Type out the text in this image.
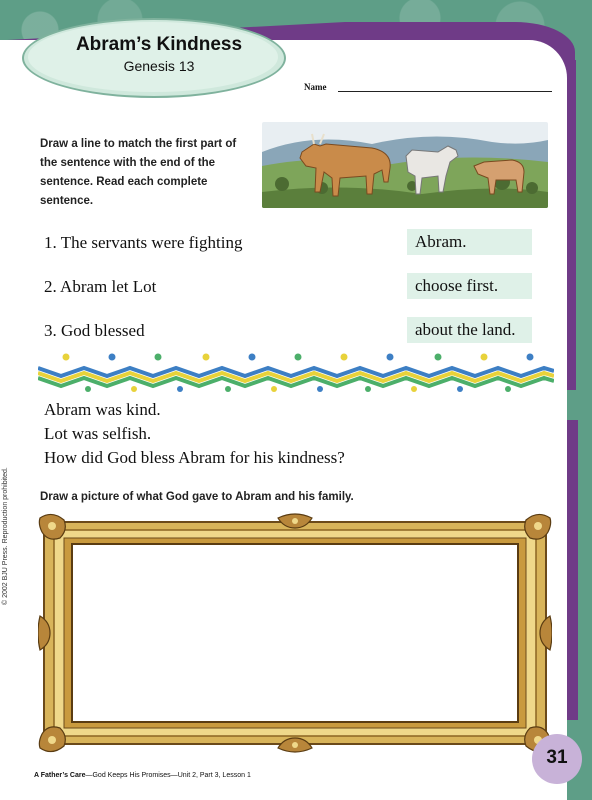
Abram’s Kindness
Genesis 13
Name
Draw a line to match the first part of the sentence with the end of the sentence. Read each complete sentence.
1. The servants were fighting
2. Abram let Lot
3. God blessed
Abram.
choose first.
about the land.
Abram was kind.
Lot was selfish.
How did God bless Abram for his kindness?
Draw a picture of what God gave to Abram and his family.
© 2002 BJU Press. Reproduction prohibited.
A Father’s Care—God Keeps His Promises—Unit 2, Part 3, Lesson 1
31
